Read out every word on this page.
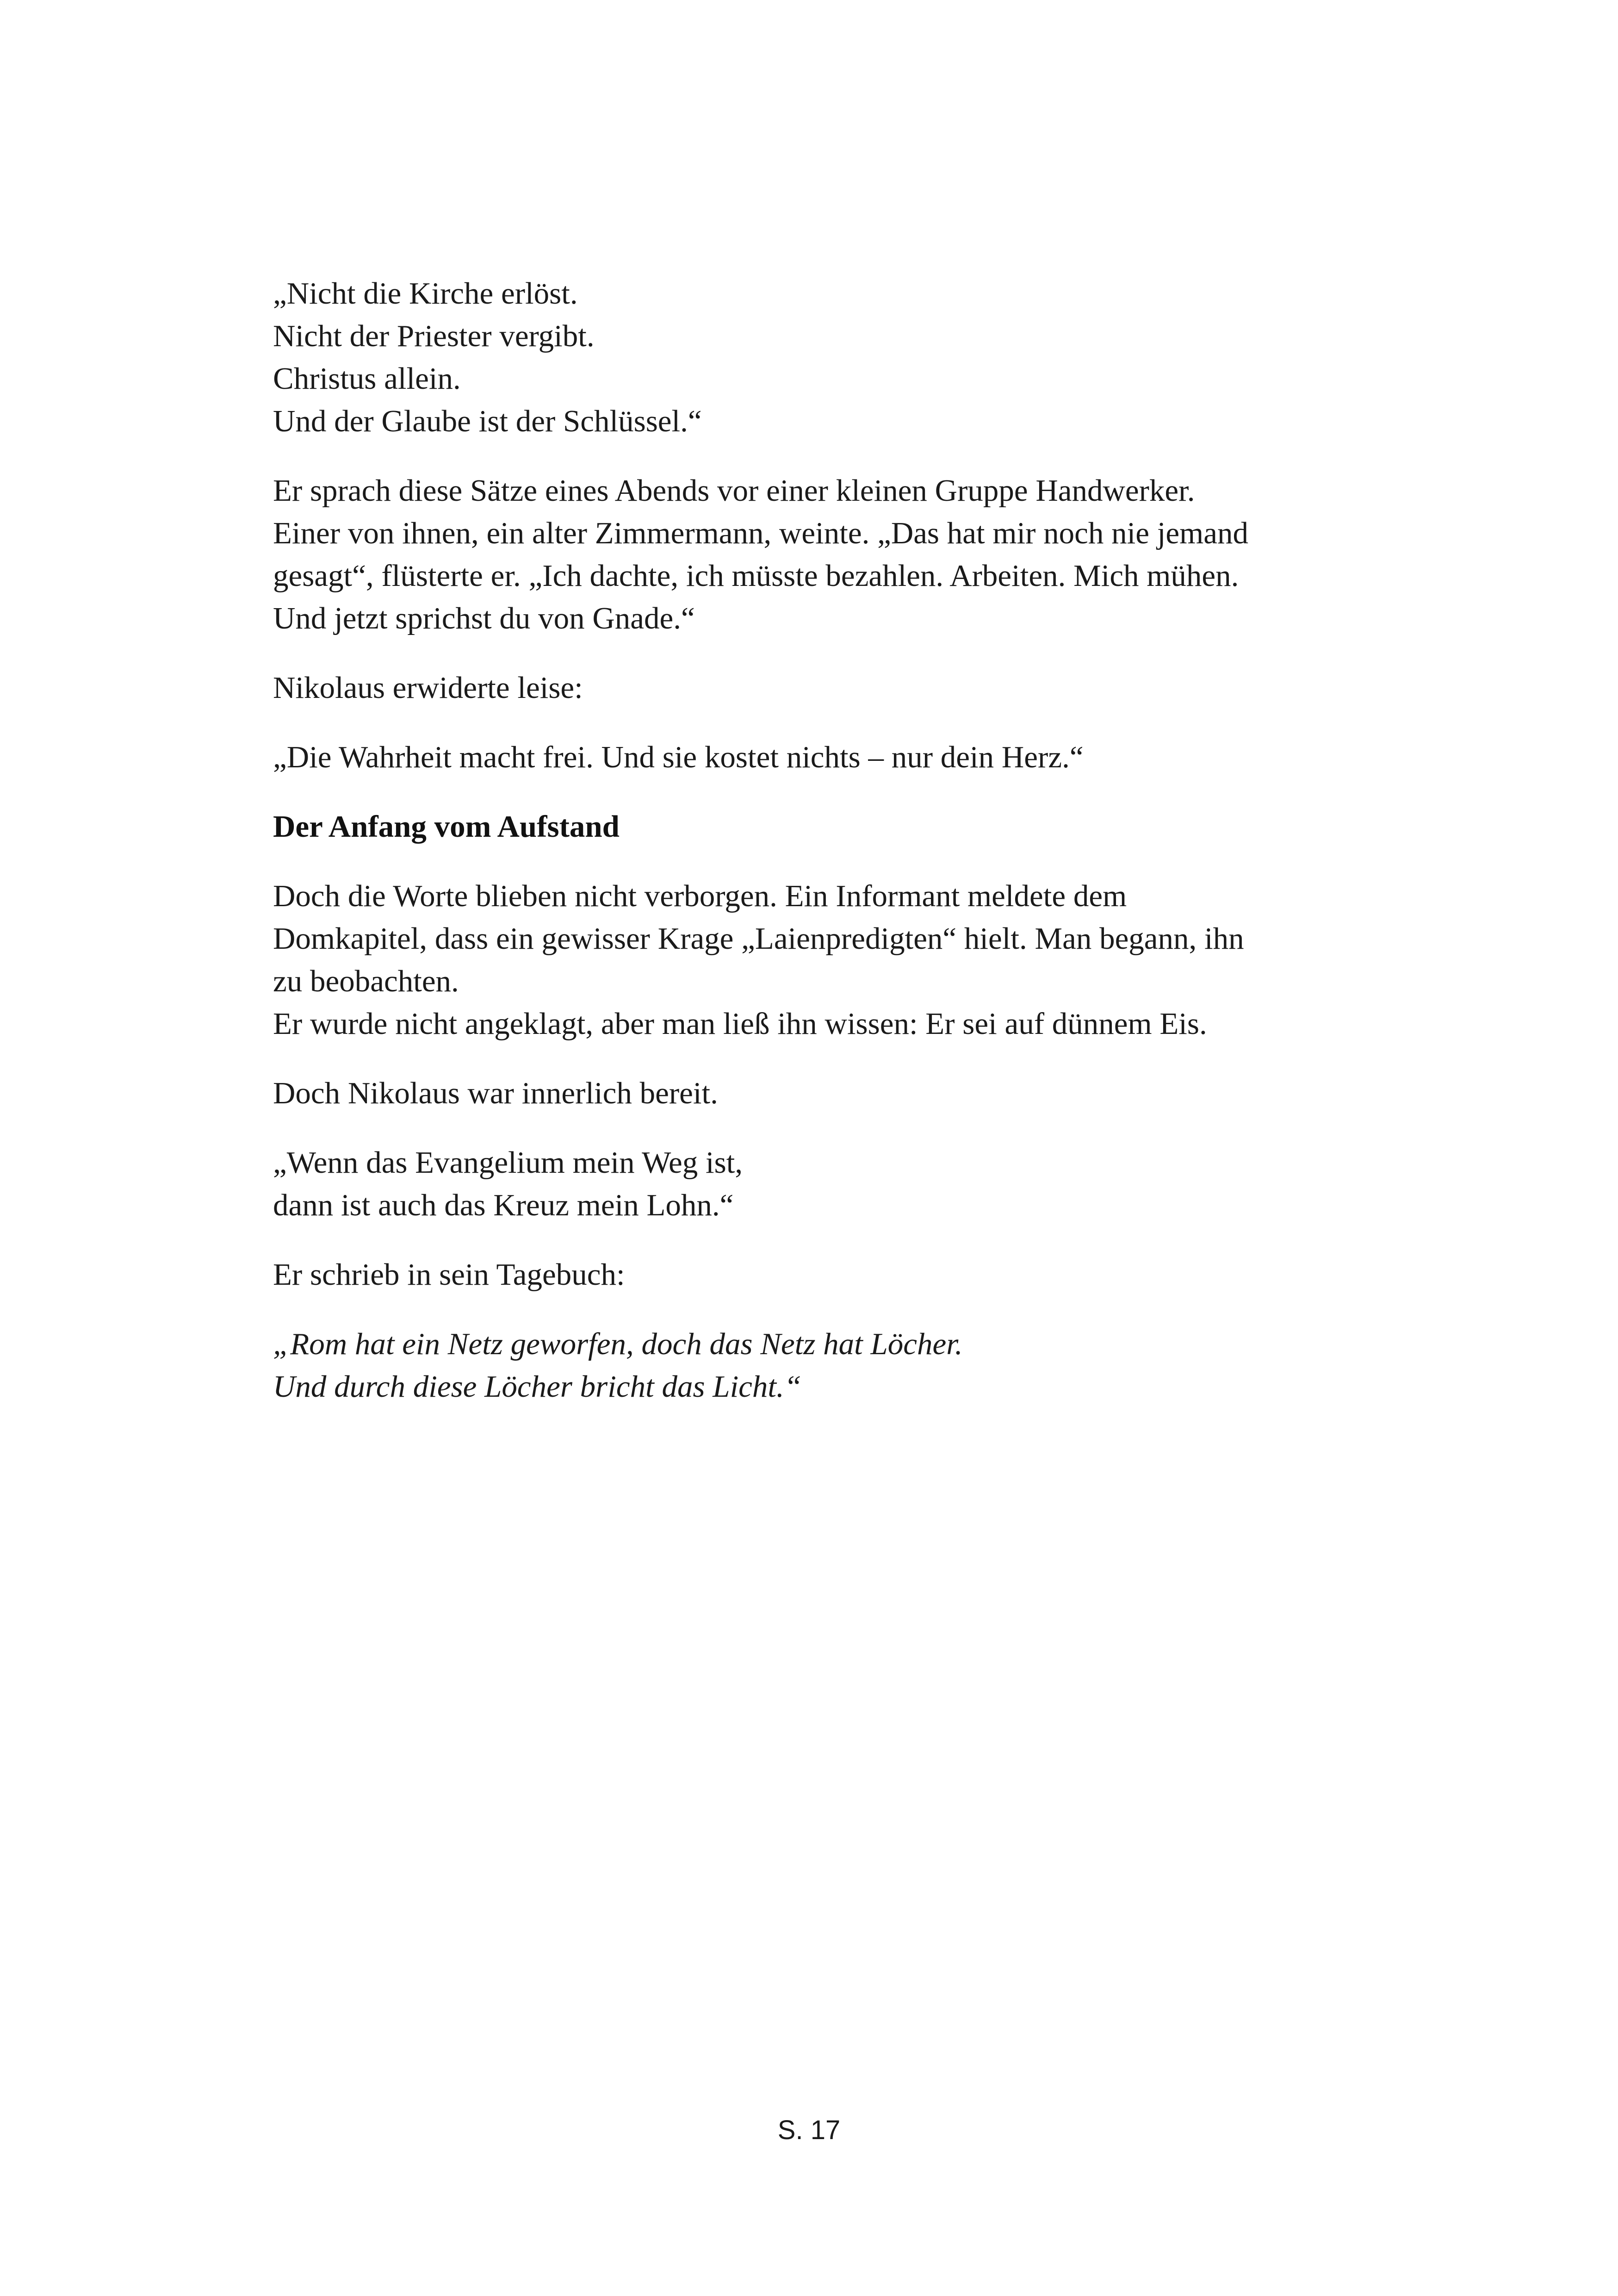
„Nicht die Kirche erlöst.
Nicht der Priester vergibt.
Christus allein.
Und der Glaube ist der Schlüssel.“

Er sprach diese Sätze eines Abends vor einer kleinen Gruppe Handwerker.
Einer von ihnen, ein alter Zimmermann, weinte. „Das hat mir noch nie jemand
gesagt“, flüsterte er. „Ich dachte, ich müsste bezahlen. Arbeiten. Mich mühen.
Und jetzt sprichst du von Gnade.“

Nikolaus erwiderte leise:

„Die Wahrheit macht frei. Und sie kostet nichts – nur dein Herz.“

Der Anfang vom Aufstand

Doch die Worte blieben nicht verborgen. Ein Informant meldete dem
Domkapitel, dass ein gewisser Krage „Laienpredigten“ hielt. Man begann, ihn
zu beobachten.
Er wurde nicht angeklagt, aber man ließ ihn wissen: Er sei auf dünnem Eis.

Doch Nikolaus war innerlich bereit.

„Wenn das Evangelium mein Weg ist,
dann ist auch das Kreuz mein Lohn.“

Er schrieb in sein Tagebuch:

„Rom hat ein Netz geworfen, doch das Netz hat Löcher.
Und durch diese Löcher bricht das Licht.“

S. 17
